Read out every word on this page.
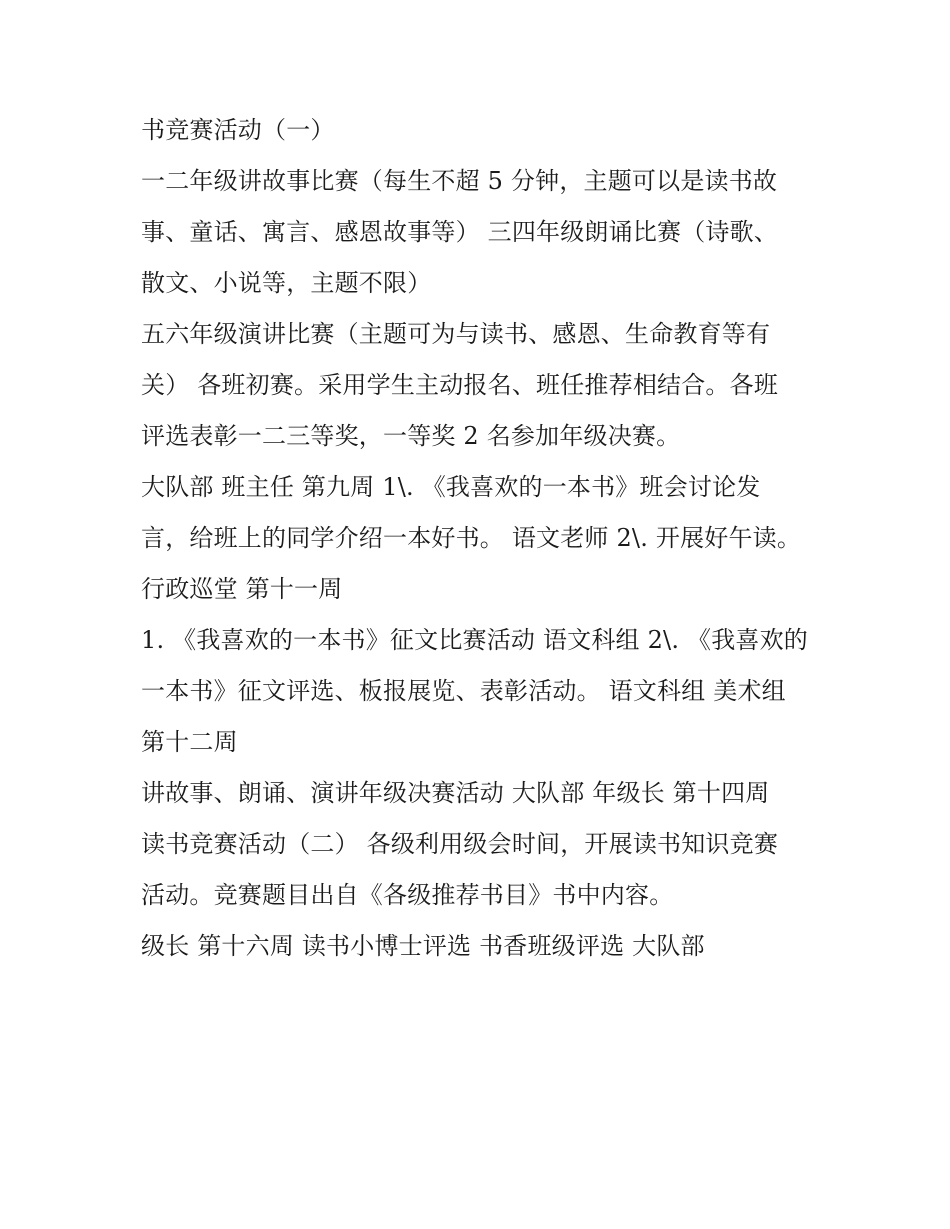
书竞赛活动（一）
一二年级讲故事比赛（每生不超 5 分钟，主题可以是读书故
事、童话、寓言、感恩故事等） 三四年级朗诵比赛（诗歌、
散文、小说等，主题不限）
五六年级演讲比赛（主题可为与读书、感恩、生命教育等有
关） 各班初赛。采用学生主动报名、班任推荐相结合。各班
评选表彰一二三等奖，一等奖 2 名参加年级决赛。
大队部 班主任 第九周 1\. 《我喜欢的一本书》班会讨论发
言，给班上的同学介绍一本好书。 语文老师 2\. 开展好午读。
行政巡堂 第十一周
1. 《我喜欢的一本书》征文比赛活动 语文科组 2\. 《我喜欢的
一本书》征文评选、板报展览、表彰活动。 语文科组 美术组
第十二周
讲故事、朗诵、演讲年级决赛活动 大队部 年级长 第十四周
读书竞赛活动（二） 各级利用级会时间，开展读书知识竞赛
活动。竞赛题目出自《各级推荐书目》书中内容。
级长 第十六周 读书小博士评选 书香班级评选 大队部
